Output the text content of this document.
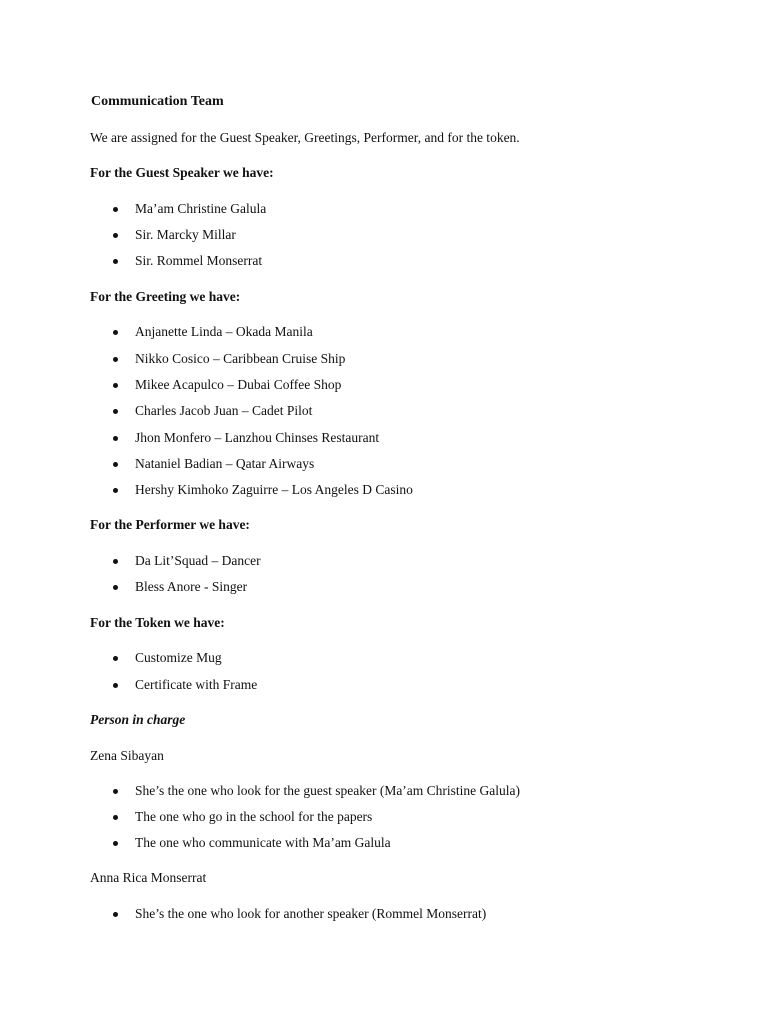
Communication Team
We are assigned for the Guest Speaker, Greetings, Performer, and for the token.
For the Guest Speaker we have:
Ma’am Christine Galula
Sir. Marcky Millar
Sir. Rommel Monserrat
For the Greeting we have:
Anjanette Linda – Okada Manila
Nikko Cosico – Caribbean Cruise Ship
Mikee Acapulco – Dubai Coffee Shop
Charles Jacob Juan – Cadet Pilot
Jhon Monfero – Lanzhou Chinses Restaurant
Nataniel Badian – Qatar Airways
Hershy Kimhoko Zaguirre – Los Angeles D Casino
For the Performer we have:
Da Lit’Squad – Dancer
Bless Anore - Singer
For the Token we have:
Customize Mug
Certificate with Frame
Person in charge
Zena Sibayan
She’s the one who look for the guest speaker (Ma’am Christine Galula)
The one who go in the school for the papers
The one who communicate with Ma’am Galula
Anna Rica Monserrat
She’s the one who look for another speaker (Rommel Monserrat)
